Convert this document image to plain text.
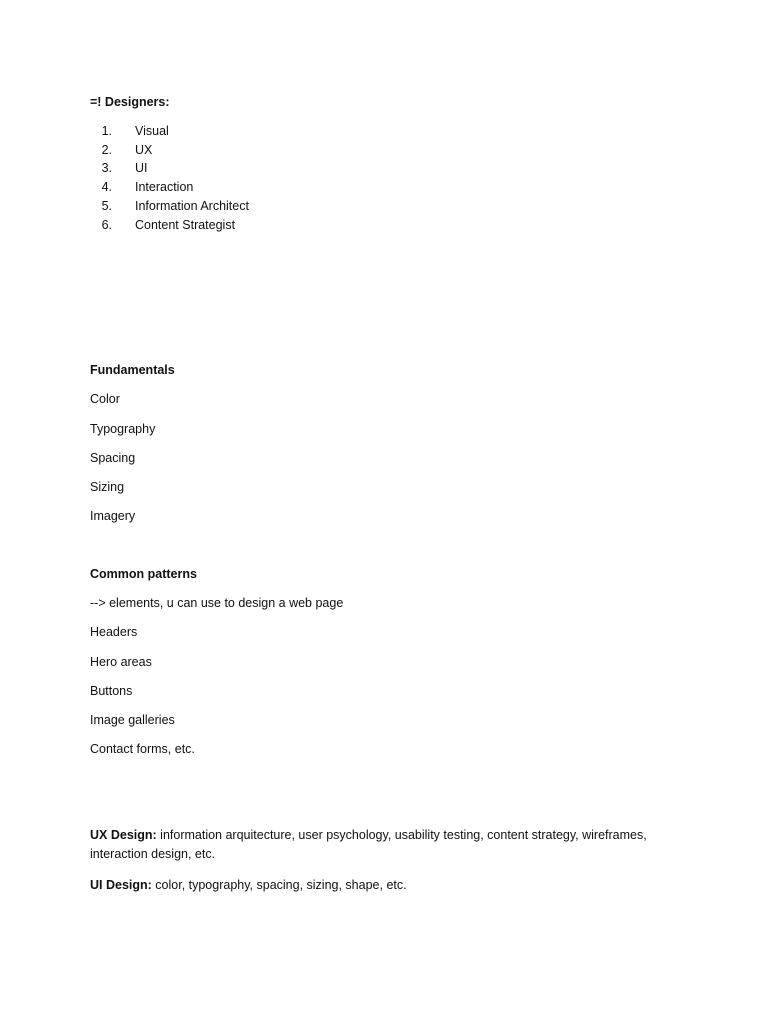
=! Designers:
1. Visual
2. UX
3. UI
4. Interaction
5. Information Architect
6. Content Strategist
Fundamentals
Color
Typography
Spacing
Sizing
Imagery
Common patterns
--> elements, u can use to design a web page
Headers
Hero areas
Buttons
Image galleries
Contact forms, etc.
UX Design: information arquitecture, user psychology, usability testing, content strategy, wireframes, interaction design, etc.
UI Design: color, typography, spacing, sizing, shape, etc.
